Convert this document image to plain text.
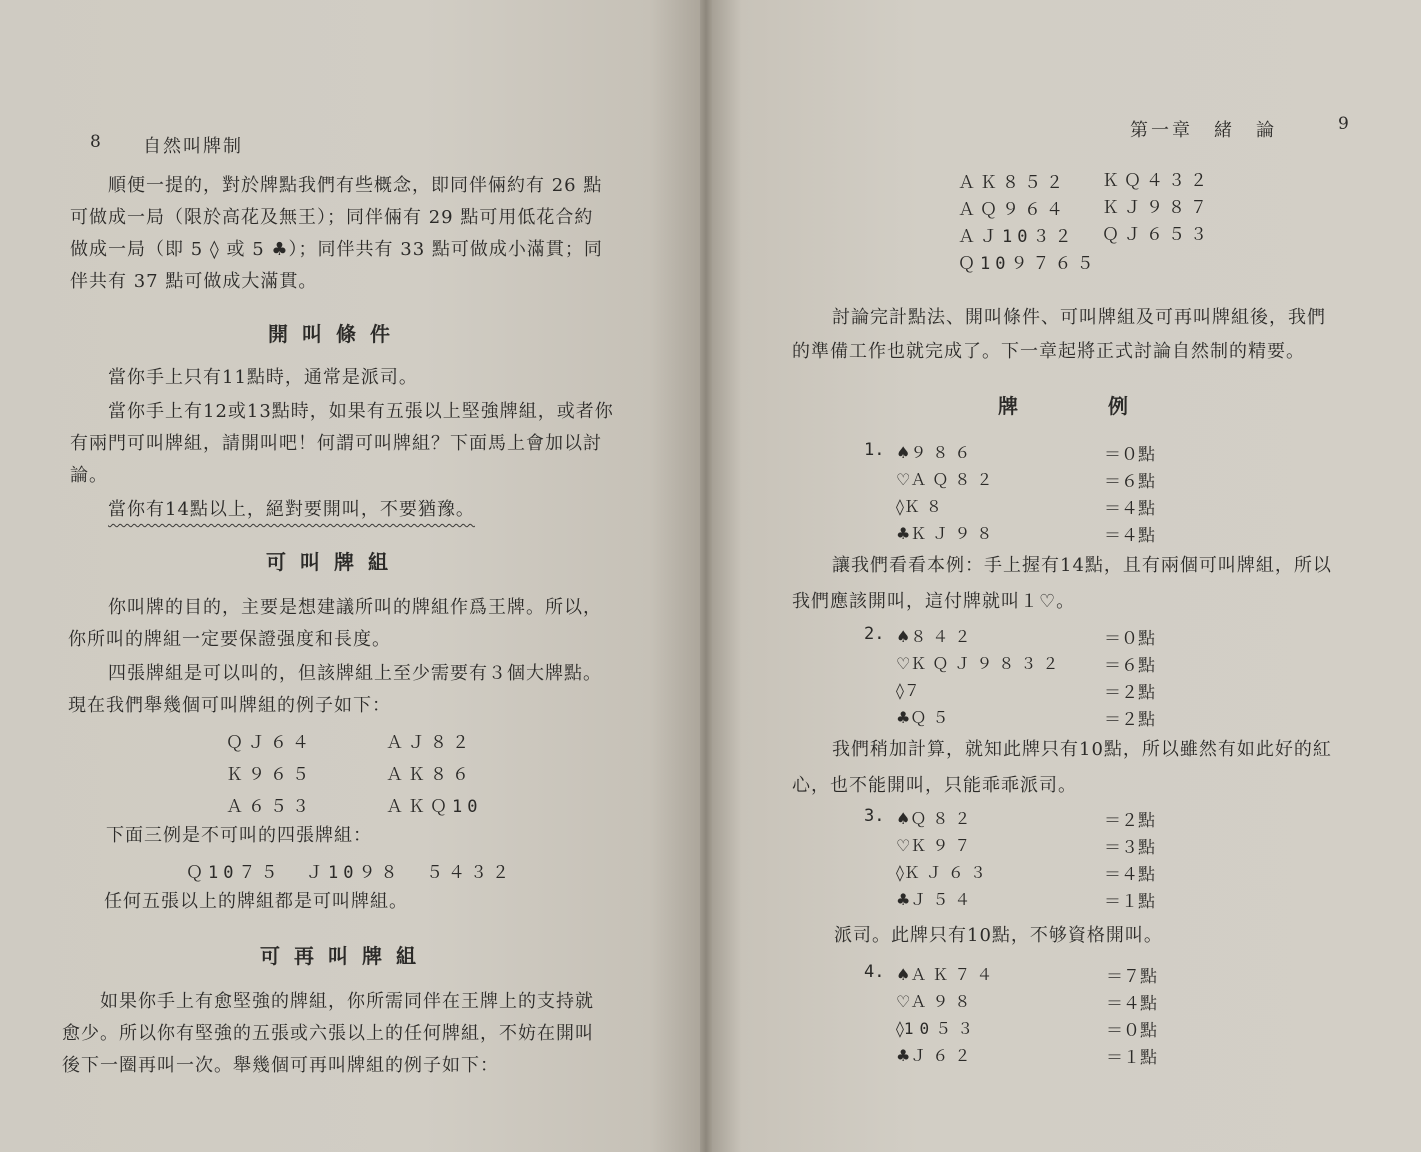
8 自然叫牌制
順便一提的，對於牌點我們有些概念，即同伴倆約有 26 點
可做成一局（限於高花及無王）；同伴倆有 29 點可用低花合約
做成一局（即 5 ◊ 或 5 ♣）；同伴共有 33 點可做成小滿貫；同
伴共有 37 點可做成大滿貫。
開叫條件
當你手上只有11點時，通常是派司。
當你手上有12或13點時，如果有五張以上堅強牌組，或者你
有兩門可叫牌組，請開叫吧！何謂可叫牌組？下面馬上會加以討
論。
當你有14點以上，絕對要開叫，不要猶豫。
可叫牌組
你叫牌的目的，主要是想建議所叫的牌組作爲王牌。所以，
你所叫的牌組一定要保證强度和長度。
四張牌組是可以叫的，但該牌組上至少需要有３個大牌點。
現在我們舉幾個可叫牌組的例子如下：
ＱＪ６４
Ｋ９６５
Ａ６５３
ＡＪ８２
ＡＫ８６
ＡＫＱ10
下面三例是不可叫的四張牌組：
Ｑ10７５ Ｊ10９８ ５４３２
任何五張以上的牌組都是可叫牌組。
可再叫牌組
如果你手上有愈堅強的牌組，你所需同伴在王牌上的支持就
愈少。所以你有堅強的五張或六張以上的任何牌組，不妨在開叫
後下一圈再叫一次。舉幾個可再叫牌組的例子如下：
第一章　緒　論	9
ＡＫ８５２
ＡＱ９６４
ＡＪ10３２
Ｑ10９７６５
ＫＱ４３２
ＫＪ９８７
ＱＪ６５３
討論完計點法、開叫條件、可叫牌組及可再叫牌組後，我們
的準備工作也就完成了。下一章起將正式討論自然制的精要。
牌例
1. ♠９８６
♡ＡＱ８２
◊Ｋ８
♣ＫＪ９８
＝０點
＝６點
＝４點
＝４點
讓我們看看本例：手上握有14點，且有兩個可叫牌組，所以
我們應該開叫，這付牌就叫１♡。
2. ♠８４２
♡ＫＱＪ９８３２
◊７
♣Ｑ５
＝０點
＝６點
＝２點
＝２點
我們稍加計算，就知此牌只有10點，所以雖然有如此好的紅
心，也不能開叫，只能乖乖派司。
3. ♠Ｑ８２
♡Ｋ９７
◊ＫＪ６３
♣Ｊ５４
＝２點
＝３點
＝４點
＝１點
派司。此牌只有10點，不够資格開叫。
4. ♠ＡＫ７４
♡Ａ９８
◊10５３
♣Ｊ６２
＝７點
＝４點
＝０點
＝１點
